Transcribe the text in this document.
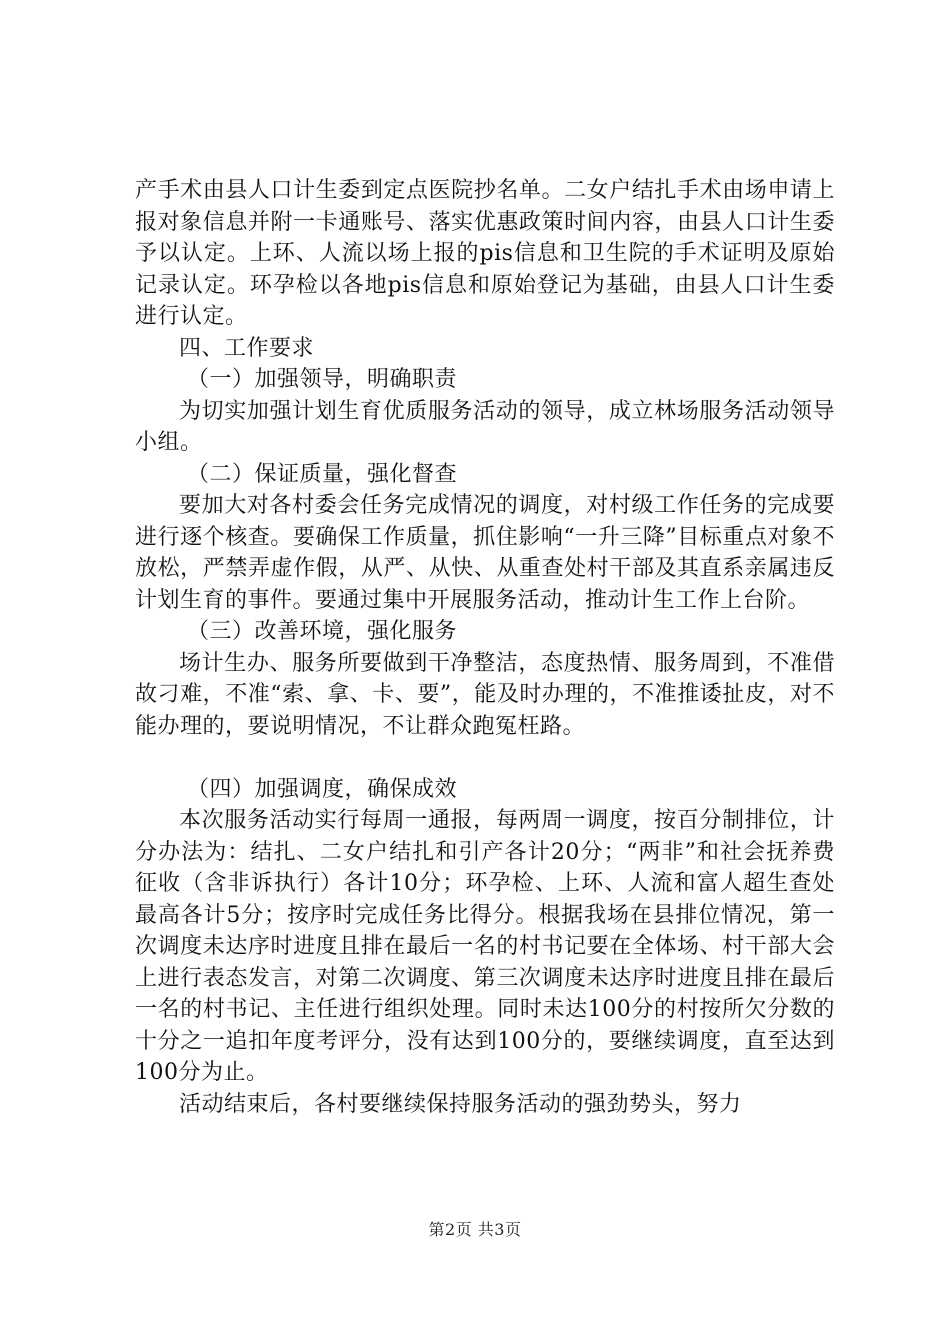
产手术由县人口计生委到定点医院抄名单。二女户结扎手术由场申请上报对象信息并附一卡通账号、落实优惠政策时间内容，由县人口计生委予以认定。上环、人流以场上报的pis信息和卫生院的手术证明及原始记录认定。环孕检以各地pis信息和原始登记为基础，由县人口计生委进行认定。

四、工作要求

（一）加强领导，明确职责

为切实加强计划生育优质服务活动的领导，成立林场服务活动领导小组。

（二）保证质量，强化督查

要加大对各村委会任务完成情况的调度，对村级工作任务的完成要进行逐个核查。要确保工作质量，抓住影响“一升三降”目标重点对象不放松，严禁弄虚作假，从严、从快、从重查处村干部及其直系亲属违反计划生育的事件。要通过集中开展服务活动，推动计生工作上台阶。

（三）改善环境，强化服务

场计生办、服务所要做到干净整洁，态度热情、服务周到，不准借故刁难，不准“索、拿、卡、要”，能及时办理的，不准推诿扯皮，对不能办理的，要说明情况，不让群众跑冤枉路。

（四）加强调度，确保成效

本次服务活动实行每周一通报，每两周一调度，按百分制排位，计分办法为：结扎、二女户结扎和引产各计20分；“两非”和社会抚养费征收（含非诉执行）各计10分；环孕检、上环、人流和富人超生查处最高各计5分；按序时完成任务比得分。根据我场在县排位情况，第一次调度未达序时进度且排在最后一名的村书记要在全体场、村干部大会上进行表态发言，对第二次调度、第三次调度未达序时进度且排在最后一名的村书记、主任进行组织处理。同时未达100分的村按所欠分数的十分之一追扣年度考评分，没有达到100分的，要继续调度，直至达到100分为止。

活动结束后，各村要继续保持服务活动的强劲势头，努力

第2页 共3页
